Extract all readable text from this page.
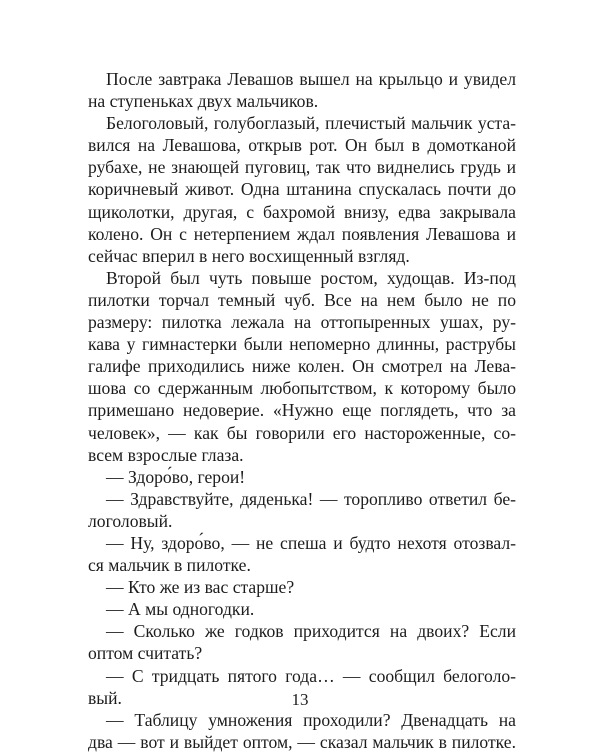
После завтрака Левашов вышел на крыльцо и увидел
на ступеньках двух мальчиков.
Белоголовый, голубоглазый, плечистый мальчик уста-
вился на Левашова, открыв рот. Он был в домотканой
рубахе, не знающей пуговиц, так что виднелись грудь и
коричневый живот. Одна штанина спускалась почти до
щиколотки, другая, с бахромой внизу, едва закрывала
колено. Он с нетерпением ждал появления Левашова и
сейчас вперил в него восхищенный взгляд.
Второй был чуть повыше ростом, худощав. Из-под
пилотки торчал темный чуб. Все на нем было не по
размеру: пилотка лежала на оттопыренных ушах, ру-
кава у гимнастерки были непомерно длинны, раструбы
галифе приходились ниже колен. Он смотрел на Лева-
шова со сдержанным любопытством, к которому было
примешано недоверие. «Нужно еще поглядеть, что за
человек», — как бы говорили его настороженные, со-
всем взрослые глаза.
— Здоро́во, герои!
— Здравствуйте, дяденька! — торопливо ответил бе-
логоловый.
— Ну, здоро́во, — не спеша и будто нехотя отозвал-
ся мальчик в пилотке.
— Кто же из вас старше?
— А мы одногодки.
— Сколько же годков приходится на двоих? Если
оптом считать?
— С тридцать пятого года… — сообщил белоголо-
вый.
— Таблицу умножения проходили? Двенадцать на
два — вот и выйдет оптом, — сказал мальчик в пилотке.
13
